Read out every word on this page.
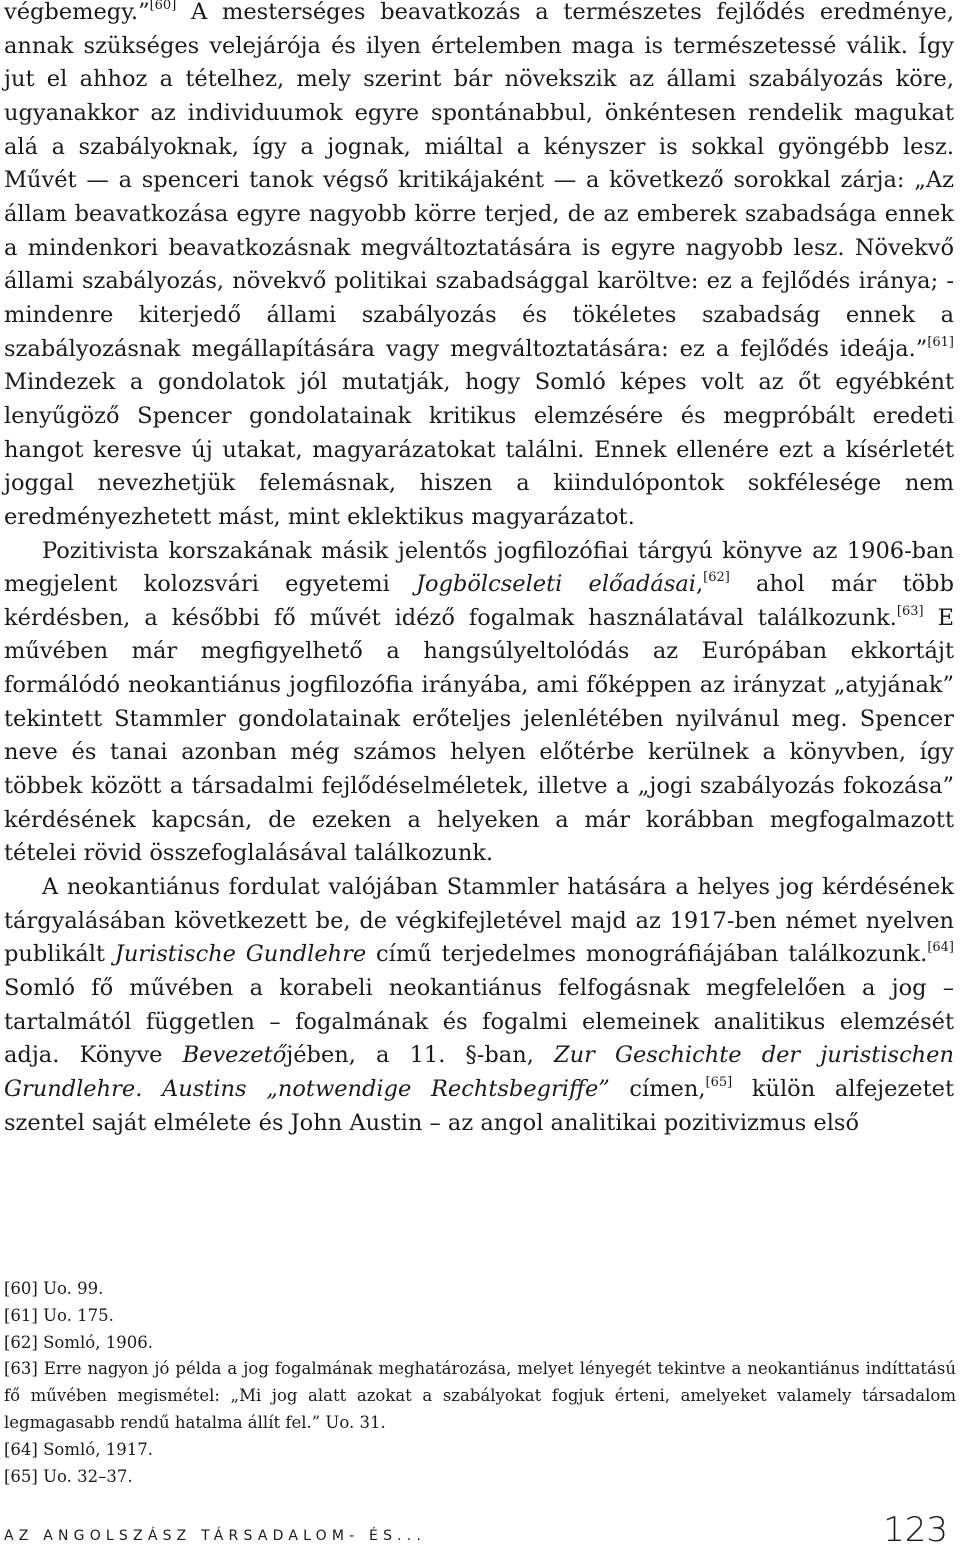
végbemegy.”[60] A mesterséges beavatkozás a természetes fejlődés eredménye, annak szükséges velejárója és ilyen értelemben maga is természetessé válik. Így jut el ahhoz a tételhez, mely szerint bár növekszik az állami szabályozás köre, ugyanakkor az individuumok egyre spontánabbul, önkéntesen rendelik magukat alá a szabályoknak, így a jognak, miáltal a kényszer is sokkal gyöngébb lesz. Művét — a spenceri tanok végső kritikájaként — a következő sorokkal zárja: „Az állam beavatkozása egyre nagyobb körre terjed, de az emberek szabadsága ennek a mindenkori beavatkozásnak megváltoztatására is egyre nagyobb lesz. Növekvő állami szabályozás, növekvő politikai szabadsággal karöltve: ez a fejlődés iránya; - mindenre kiterjedő állami szabályozás és tökéletes szabadság ennek a szabályozásnak megállapítására vagy megváltoztatására: ez a fejlődés ideája.”[61] Mindezek a gondolatok jól mutatják, hogy Somló képes volt az őt egyébként lenyűgöző Spencer gondolatainak kritikus elemzésére és megpróbált eredeti hangot keresve új utakat, magyarázatokat találni. Ennek ellenére ezt a kísérletét joggal nevezhetjük felemásnak, hiszen a kiindulópontok sokfélesége nem eredményezhetett mást, mint eklektikus magyarázatot.

Pozitivista korszakának másik jelentős jogfilozófiai tárgyú könyve az 1906-ban megjelent kolozsvári egyetemi Jogbölcseleti előadásai,[62] ahol már több kérdésben, a későbbi fő művét idéző fogalmak használatával találkozunk.[63] E művében már megfigyelhető a hangsúlyeltolódás az Európában ekkortájt formálódó neokantiánus jogfilozófia irányába, ami főképpen az irányzat „atyjának” tekintett Stammler gondolatainak erőteljes jelenlétében nyilvánul meg. Spencer neve és tanai azonban még számos helyen előtérbe kerülnek a könyvben, így többek között a társadalmi fejlődéselméletek, illetve a „jogi szabályozás fokozása” kérdésének kapcsán, de ezeken a helyeken a már korábban megfogalmazott tételei rövid összefoglalásával találkozunk.

A neokantiánus fordulat valójában Stammler hatására a helyes jog kérdésének tárgyalásában következett be, de végkifejletével majd az 1917-ben német nyelven publikált Juristische Gundlehre című terjedelmes monográfiájában találkozunk.[64] Somló fő művében a korabeli neokantiánus felfogásnak megfelelően a jog – tartalmától független – fogalmának és fogalmi elemeinek analitikus elemzését adja. Könyve Bevezetőjében, a 11. §-ban, Zur Geschichte der juristischen Grundlehre. Austins „notwendige Rechtsbegriffe” címen,[65] külön alfejezetet szentel saját elmélete és John Austin – az angol analitikai pozitivizmus első

[60] Uo. 99.

[61] Uo. 175.

[62] Somló, 1906.

[63] Erre nagyon jó példa a jog fogalmának meghatározása, melyet lényegét tekintve a neokantiánus indíttatású fő művében megismétel: „Mi jog alatt azokat a szabályokat fogjuk érteni, amelyeket valamely társadalom legmagasabb rendű hatalma állít fel.” Uo. 31.

[64] Somló, 1917.

[65] Uo. 32–37.

AZ ANGOLSZÁSZ TÁRSADALOM- ÉS...	123
